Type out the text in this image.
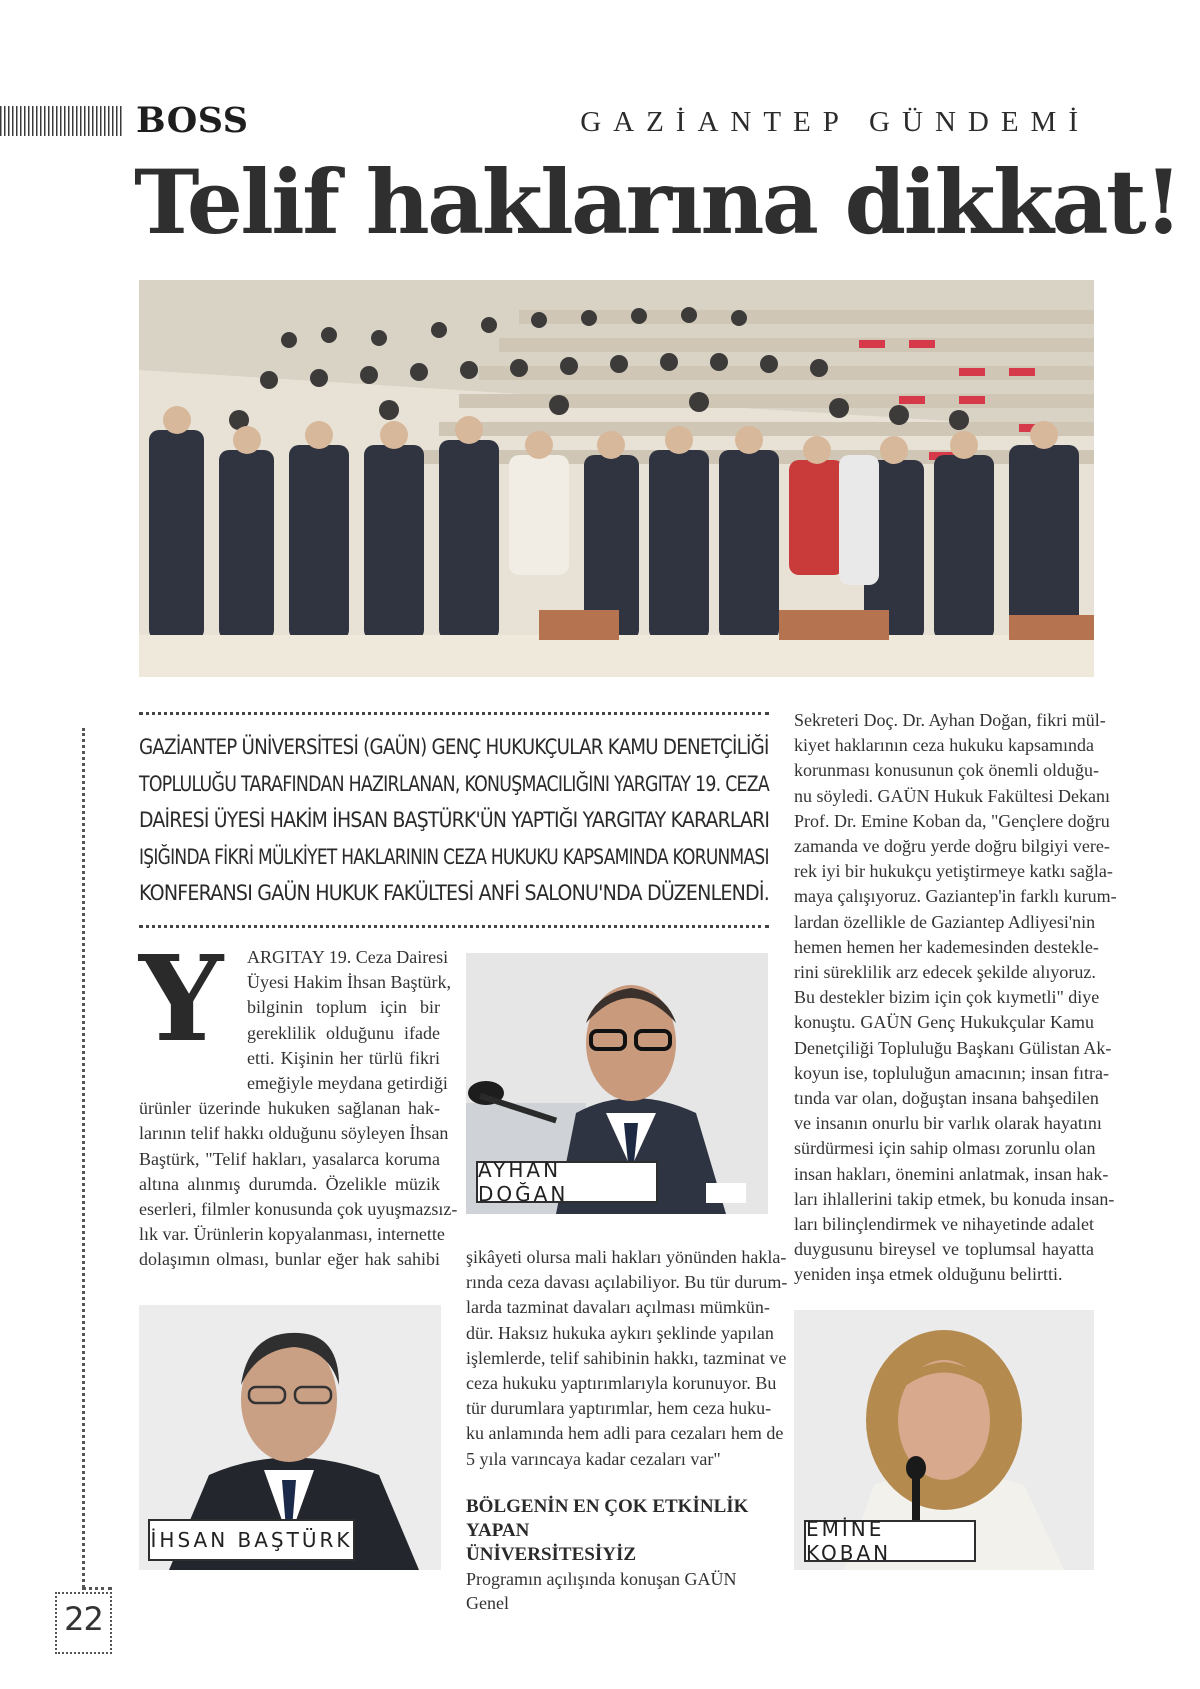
BOSS	GAZİANTEP GÜNDEMİ
Telif haklarına dikkat!
GAZİANTEP ÜNİVERSİTESİ (GAÜN) GENÇ HUKUKÇULAR KAMU DENETÇİLİĞİ
TOPLULUĞU TARAFINDAN HAZIRLANAN, KONUŞMACILIĞINI YARGITAY 19. CEZA
DAİRESİ ÜYESİ HAKİM İHSAN BAŞTÜRK'ÜN YAPTIĞI YARGITAY KARARLARI
IŞIĞINDA FİKRİ MÜLKİYET HAKLARININ CEZA HUKUKU KAPSAMINDA KORUNMASI
KONFERANSI GAÜN HUKUK FAKÜLTESİ ANFİ SALONU'NDA DÜZENLENDİ.
Y ARGITAY 19. Ceza Dairesi
Üyesi Hakim İhsan Baştürk,
bilginin toplum için bir
gereklilik olduğunu ifade
etti. Kişinin her türlü fikri
emeğiyle meydana getirdiği
ürünler üzerinde hukuken sağlanan hak-
larının telif hakkı olduğunu söyleyen İhsan
Baştürk, "Telif hakları, yasalarca koruma
altına alınmış durumda. Özelikle müzik
eserleri, filmler konusunda çok uyuşmazsız-
lık var. Ürünlerin kopyalanması, internette
dolaşımın olması, bunlar eğer hak sahibi
AYHAN DOĞAN
şikâyeti olursa mali hakları yönünden hakla-
rında ceza davası açılabiliyor. Bu tür durum-
larda tazminat davaları açılması mümkün-
dür. Haksız hukuka aykırı şeklinde yapılan
işlemlerde, telif sahibinin hakkı, tazminat ve
ceza hukuku yaptırımlarıyla korunuyor. Bu
tür durumlara yaptırımlar, hem ceza huku-
ku anlamında hem adli para cezaları hem de
5 yıla varıncaya kadar cezaları var"
BÖLGENİN EN ÇOK ETKİNLİK YAPAN
ÜNİVERSİTESİYİZ
Programın açılışında konuşan GAÜN Genel
Sekreteri Doç. Dr. Ayhan Doğan, fikri mül-
kiyet haklarının ceza hukuku kapsamında
korunması konusunun çok önemli olduğu-
nu söyledi. GAÜN Hukuk Fakültesi Dekanı
Prof. Dr. Emine Koban da, "Gençlere doğru
zamanda ve doğru yerde doğru bilgiyi vere-
rek iyi bir hukukçu yetiştirmeye katkı sağla-
maya çalışıyoruz. Gaziantep'in farklı kurum-
lardan özellikle de Gaziantep Adliyesi'nin
hemen hemen her kademesinden destekle-
rini süreklilik arz edecek şekilde alıyoruz.
Bu destekler bizim için çok kıymetli" diye
konuştu. GAÜN Genç Hukukçular Kamu
Denetçiliği Topluluğu Başkanı Gülistan Ak-
koyun ise, topluluğun amacının; insan fıtra-
tında var olan, doğuştan insana bahşedilen
ve insanın onurlu bir varlık olarak hayatını
sürdürmesi için sahip olması zorunlu olan
insan hakları, önemini anlatmak, insan hak-
ları ihlallerini takip etmek, bu konuda insan-
ları bilinçlendirmek ve nihayetinde adalet
duygusunu bireysel ve toplumsal hayatta
yeniden inşa etmek olduğunu belirtti.
İHSAN BAŞTÜRK	EMİNE KOBAN
22
